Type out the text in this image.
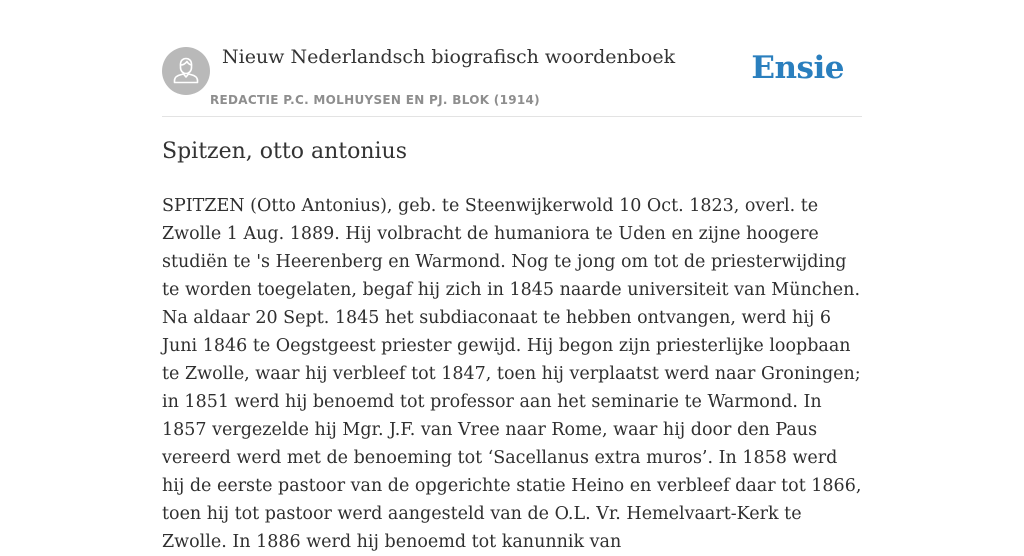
Nieuw Nederlandsch biografisch woordenboek
REDACTIE P.C. MOLHUYSEN EN PJ. BLOK (1914)
Ensie
Spitzen, otto antonius

SPITZEN (Otto Antonius), geb. te Steenwijkerwold 10 Oct. 1823, overl. te Zwolle 1 Aug. 1889. Hij volbracht de humaniora te Uden en zijne hoogere studiën te 's Heerenberg en Warmond. Nog te jong om tot de priesterwijding te worden toegelaten, begaf hij zich in 1845 naarde universiteit van München. Na aldaar 20 Sept. 1845 het subdiaconaat te hebben ontvangen, werd hij 6 Juni 1846 te Oegstgeest priester gewijd. Hij begon zijn priesterlijke loopbaan te Zwolle, waar hij verbleef tot 1847, toen hij verplaatst werd naar Groningen; in 1851 werd hij benoemd tot professor aan het seminarie te Warmond. In 1857 vergezelde hij Mgr. J.F. van Vree naar Rome, waar hij door den Paus vereerd werd met de benoeming tot ‘Sacellanus extra muros’. In 1858 werd hij de eerste pastoor van de opgerichte statie Heino en verbleef daar tot 1866, toen hij tot pastoor werd aangesteld van de O.L. Vr. Hemelvaart-Kerk te Zwolle. In 1886 werd hij benoemd tot kanunnik van
